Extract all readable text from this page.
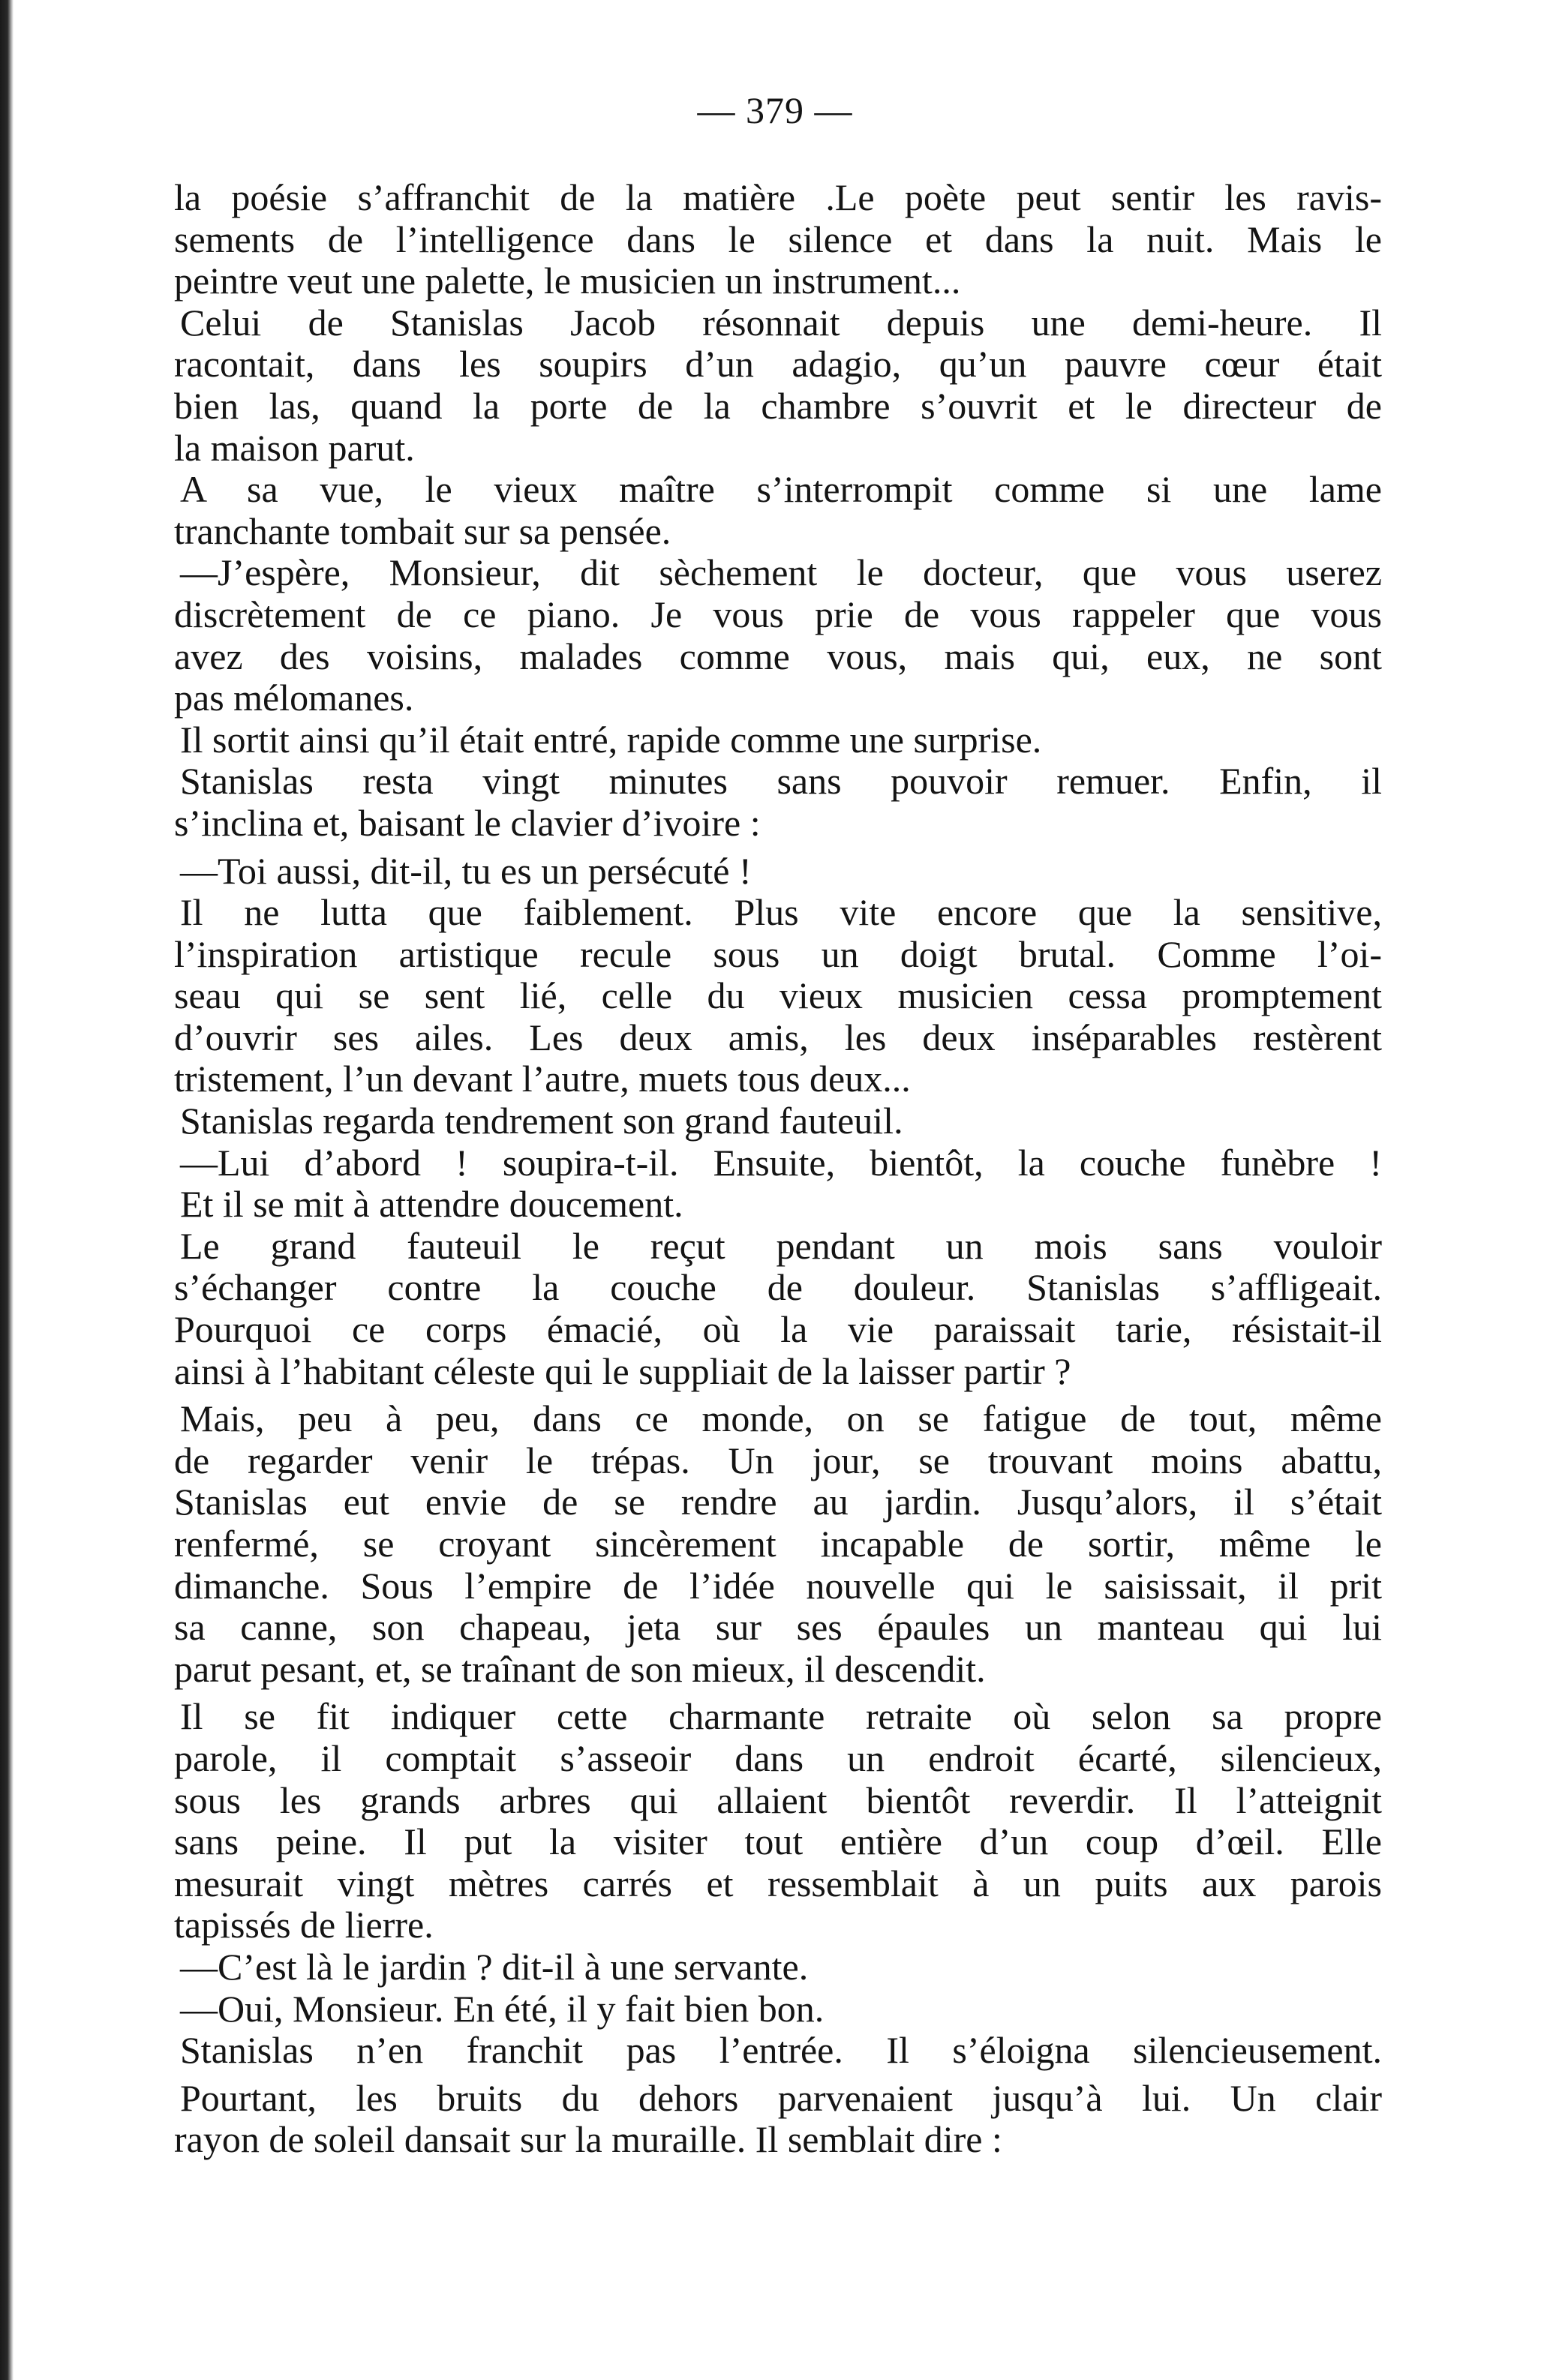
— 379 —
la poésie s’affranchit de la matière .Le poète peut sentir les ravis-
sements de l’intelligence dans le silence et dans la nuit. Mais le
peintre veut une palette, le musicien un instrument...
Celui de Stanislas Jacob résonnait depuis une demi-heure. Il
racontait, dans les soupirs d’un adagio, qu’un pauvre cœur était
bien las, quand la porte de la chambre s’ouvrit et le directeur de
la maison parut.
A sa vue, le vieux maître s’interrompit comme si une lame
tranchante tombait sur sa pensée.
—J’espère, Monsieur, dit sèchement le docteur, que vous userez
discrètement de ce piano. Je vous prie de vous rappeler que vous
avez des voisins, malades comme vous, mais qui, eux, ne sont
pas mélomanes.
Il sortit ainsi qu’il était entré, rapide comme une surprise.
Stanislas resta vingt minutes sans pouvoir remuer. Enfin, il
s’inclina et, baisant le clavier d’ivoire :
—Toi aussi, dit-il, tu es un persécuté !
Il ne lutta que faiblement. Plus vite encore que la sensitive,
l’inspiration artistique recule sous un doigt brutal. Comme l’oi-
seau qui se sent lié, celle du vieux musicien cessa promptement
d’ouvrir ses ailes. Les deux amis, les deux inséparables restèrent
tristement, l’un devant l’autre, muets tous deux...
Stanislas regarda tendrement son grand fauteuil.
—Lui d’abord ! soupira-t-il. Ensuite, bientôt, la couche funèbre !
Et il se mit à attendre doucement.
Le grand fauteuil le reçut pendant un mois sans vouloir
s’échanger contre la couche de douleur. Stanislas s’affligeait.
Pourquoi ce corps émacié, où la vie paraissait tarie, résistait-il
ainsi à l’habitant céleste qui le suppliait de la laisser partir ?
Mais, peu à peu, dans ce monde, on se fatigue de tout, même
de regarder venir le trépas. Un jour, se trouvant moins abattu,
Stanislas eut envie de se rendre au jardin. Jusqu’alors, il s’était
renfermé, se croyant sincèrement incapable de sortir, même le
dimanche. Sous l’empire de l’idée nouvelle qui le saisissait, il prit
sa canne, son chapeau, jeta sur ses épaules un manteau qui lui
parut pesant, et, se traînant de son mieux, il descendit.
Il se fit indiquer cette charmante retraite où selon sa propre
parole, il comptait s’asseoir dans un endroit écarté, silencieux,
sous les grands arbres qui allaient bientôt reverdir. Il l’atteignit
sans peine. Il put la visiter tout entière d’un coup d’œil. Elle
mesurait vingt mètres carrés et ressemblait à un puits aux parois
tapissés de lierre.
—C’est là le jardin ? dit-il à une servante.
—Oui, Monsieur. En été, il y fait bien bon.
Stanislas n’en franchit pas l’entrée. Il s’éloigna silencieusement.
Pourtant, les bruits du dehors parvenaient jusqu’à lui. Un clair
rayon de soleil dansait sur la muraille. Il semblait dire :
